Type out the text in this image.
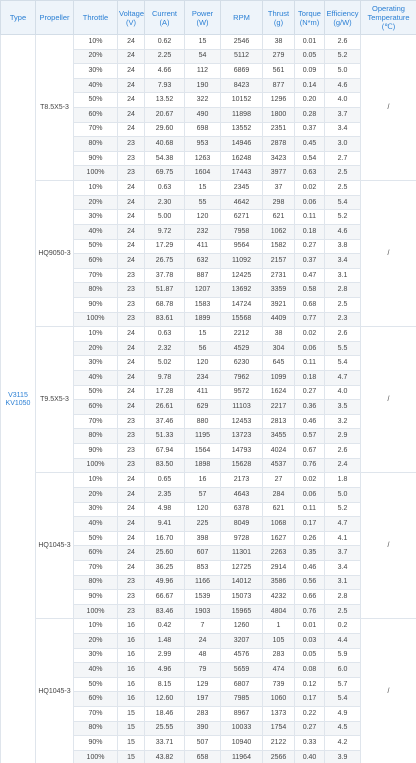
Type	Propeller	Throttle	Voltage (V)	Current (A)	Power (W)	RPM	Thrust (g)	Torque (N*m)	Efficiency (g/W)	Operating Temperature (℃)
V3115
KV1050	T8.5X5-3	10%	24	0.62	15	2546	38	0.01	2.6	/
		20%	24	2.25	54	5112	279	0.05	5.2	
		30%	24	4.66	112	6869	561	0.09	5.0	
		40%	24	7.93	190	8423	877	0.14	4.6	
		50%	24	13.52	322	10152	1296	0.20	4.0	
		60%	24	20.67	490	11898	1800	0.28	3.7	
		70%	24	29.60	698	13552	2351	0.37	3.4	
		80%	23	40.68	953	14946	2878	0.45	3.0	
		90%	23	54.38	1263	16248	3423	0.54	2.7	
		100%	23	69.75	1604	17443	3977	0.63	2.5	
	HQ9050-3	10%	24	0.63	15	2345	37	0.02	2.5	/
		20%	24	2.30	55	4642	298	0.06	5.4	
		30%	24	5.00	120	6271	621	0.11	5.2	
		40%	24	9.72	232	7958	1062	0.18	4.6	
		50%	24	17.29	411	9564	1582	0.27	3.8	
		60%	24	26.75	632	11092	2157	0.37	3.4	
		70%	23	37.78	887	12425	2731	0.47	3.1	
		80%	23	51.87	1207	13692	3359	0.58	2.8	
		90%	23	68.78	1583	14724	3921	0.68	2.5	
		100%	23	83.61	1899	15568	4409	0.77	2.3	
	T9.5X5-3	10%	24	0.63	15	2212	38	0.02	2.6	/
		20%	24	2.32	56	4529	304	0.06	5.5	
		30%	24	5.02	120	6230	645	0.11	5.4	
		40%	24	9.78	234	7962	1099	0.18	4.7	
		50%	24	17.28	411	9572	1624	0.27	4.0	
		60%	24	26.61	629	11103	2217	0.36	3.5	
		70%	23	37.46	880	12453	2813	0.46	3.2	
		80%	23	51.33	1195	13723	3455	0.57	2.9	
		90%	23	67.94	1564	14793	4024	0.67	2.6	
		100%	23	83.50	1898	15628	4537	0.76	2.4	
	HQ1045-3	10%	24	0.65	16	2173	27	0.02	1.8	/
		20%	24	2.35	57	4643	284	0.06	5.0	
		30%	24	4.98	120	6378	621	0.11	5.2	
		40%	24	9.41	225	8049	1068	0.17	4.7	
		50%	24	16.70	398	9728	1627	0.26	4.1	
		60%	24	25.60	607	11301	2263	0.35	3.7	
		70%	24	36.25	853	12725	2914	0.46	3.4	
		80%	23	49.96	1166	14012	3586	0.56	3.1	
		90%	23	66.67	1539	15073	4232	0.66	2.8	
		100%	23	83.46	1903	15965	4804	0.76	2.5	
	HQ1045-3	10%	16	0.42	7	1260	1	0.01	0.2	/
		20%	16	1.48	24	3207	105	0.03	4.4	
		30%	16	2.99	48	4576	283	0.05	5.9	
		40%	16	4.96	79	5659	474	0.08	6.0	
		50%	16	8.15	129	6807	739	0.12	5.7	
		60%	16	12.60	197	7985	1060	0.17	5.4	
		70%	15	18.46	283	8967	1373	0.22	4.9	
		80%	15	25.55	390	10033	1754	0.27	4.5	
		90%	15	33.71	507	10940	2122	0.33	4.2	
		100%	15	43.82	658	11964	2566	0.40	3.9	
